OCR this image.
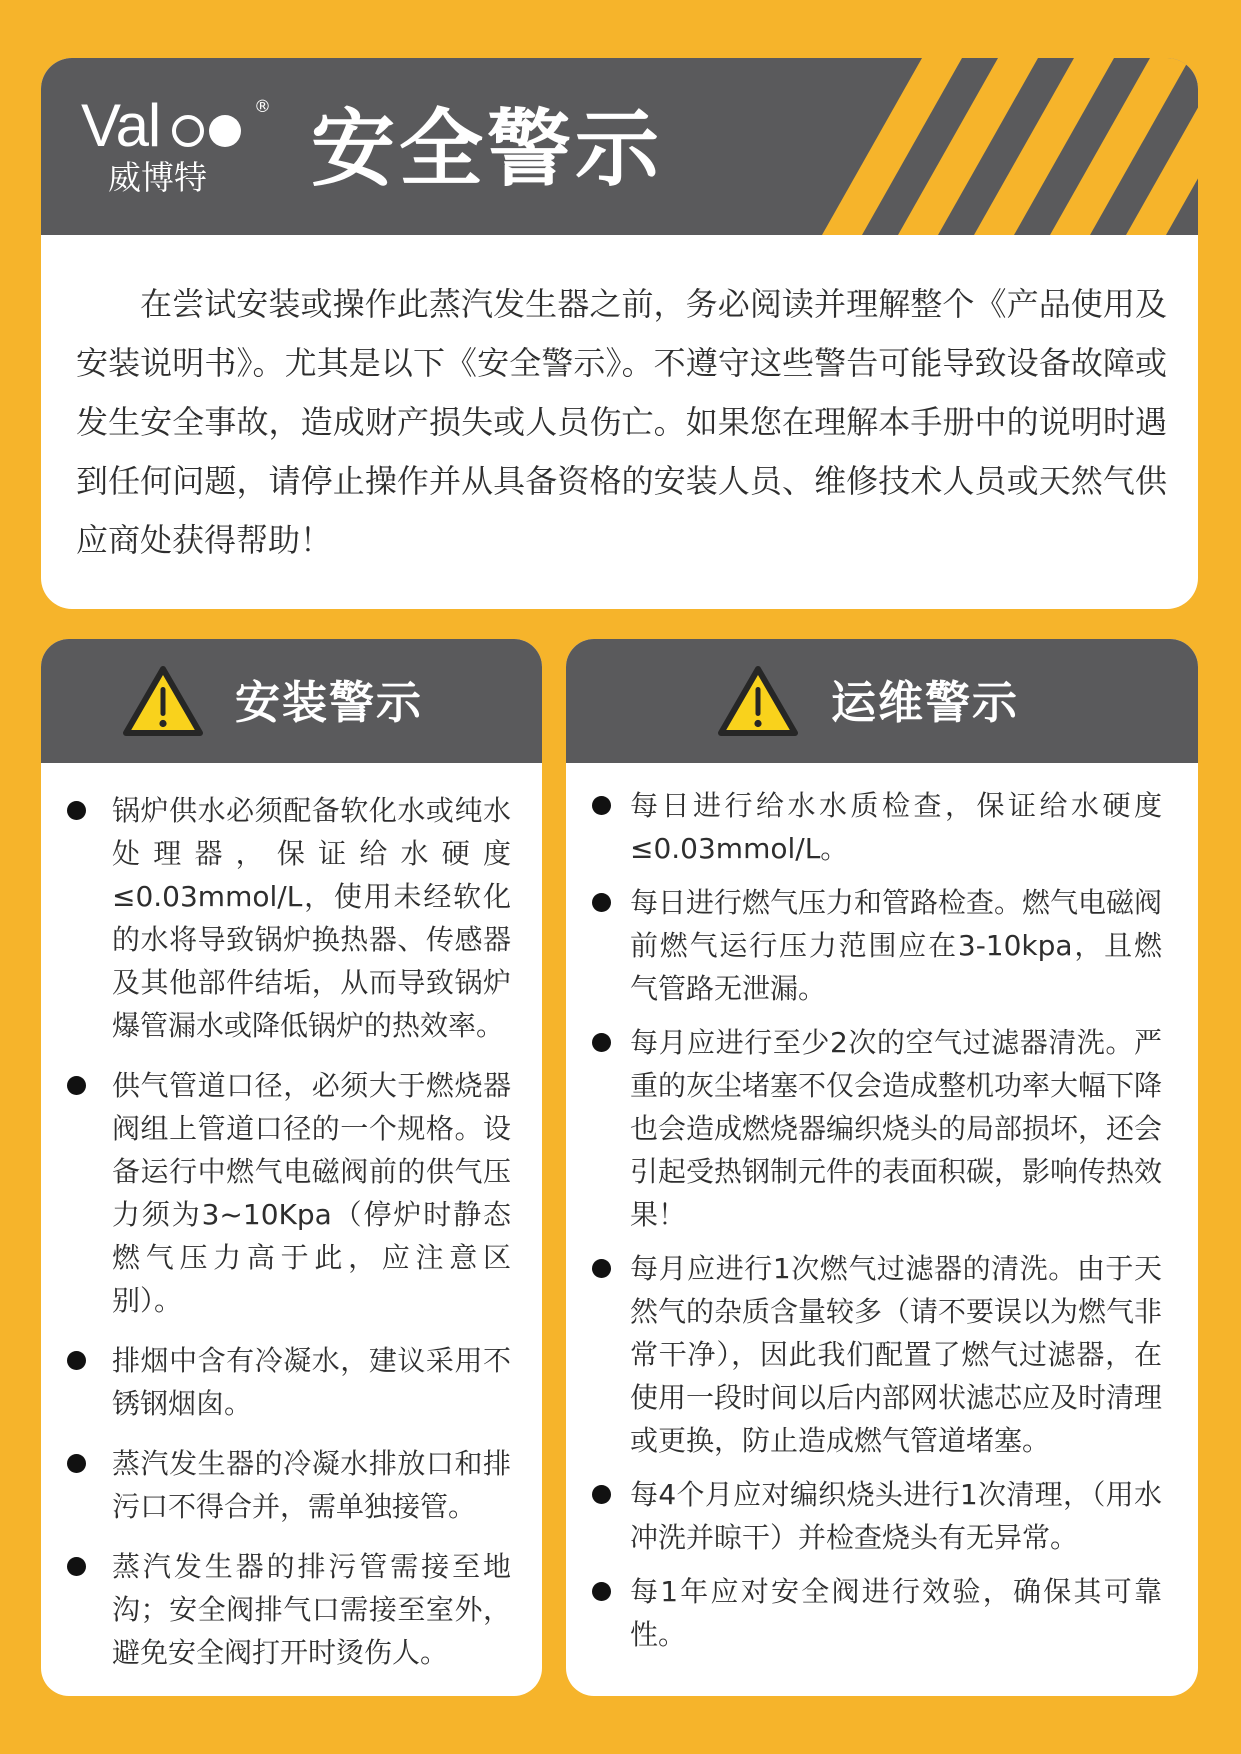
Val	®
威博特 安全警示

在尝试安装或操作此蒸汽发生器之前，务必阅读并理解整个《产品使用及安装说明书》。尤其是以下《安全警示》。不遵守这些警告可能导致设备故障或发生安全事故，造成财产损失或人员伤亡。如果您在理解本手册中的说明时遇到任何问题，请停止操作并从具备资格的安装人员、维修技术人员或天然气供应商处获得帮助！

安装警示
锅炉供水必须配备软化水或纯水处理器，保证给水硬度≤0.03mmol/L，使用未经软化的水将导致锅炉换热器、传感器及其他部件结垢，从而导致锅炉爆管漏水或降低锅炉的热效率。
供气管道口径，必须大于燃烧器阀组上管道口径的一个规格。设备运行中燃气电磁阀前的供气压力须为3~10Kpa（停炉时静态燃气压力高于此，应注意区别）。
排烟中含有冷凝水，建议采用不锈钢烟囱。
蒸汽发生器的冷凝水排放口和排污口不得合并，需单独接管。
蒸汽发生器的排污管需接至地沟；安全阀排气口需接至室外，避免安全阀打开时烫伤人。
运维警示
每日进行给水水质检查，保证给水硬度≤0.03mmol/L。
每日进行燃气压力和管路检查。燃气电磁阀前燃气运行压力范围应在3-10kpa，且燃气管路无泄漏。
每月应进行至少2次的空气过滤器清洗。严重的灰尘堵塞不仅会造成整机功率大幅下降也会造成燃烧器编织烧头的局部损坏，还会引起受热钢制元件的表面积碳，影响传热效果！
每月应进行1次燃气过滤器的清洗。由于天然气的杂质含量较多（请不要误以为燃气非常干净），因此我们配置了燃气过滤器，在使用一段时间以后内部网状滤芯应及时清理或更换，防止造成燃气管道堵塞。
每4个月应对编织烧头进行1次清理，（用水冲洗并晾干）并检查烧头有无异常。
每1年应对安全阀进行效验，确保其可靠性。
